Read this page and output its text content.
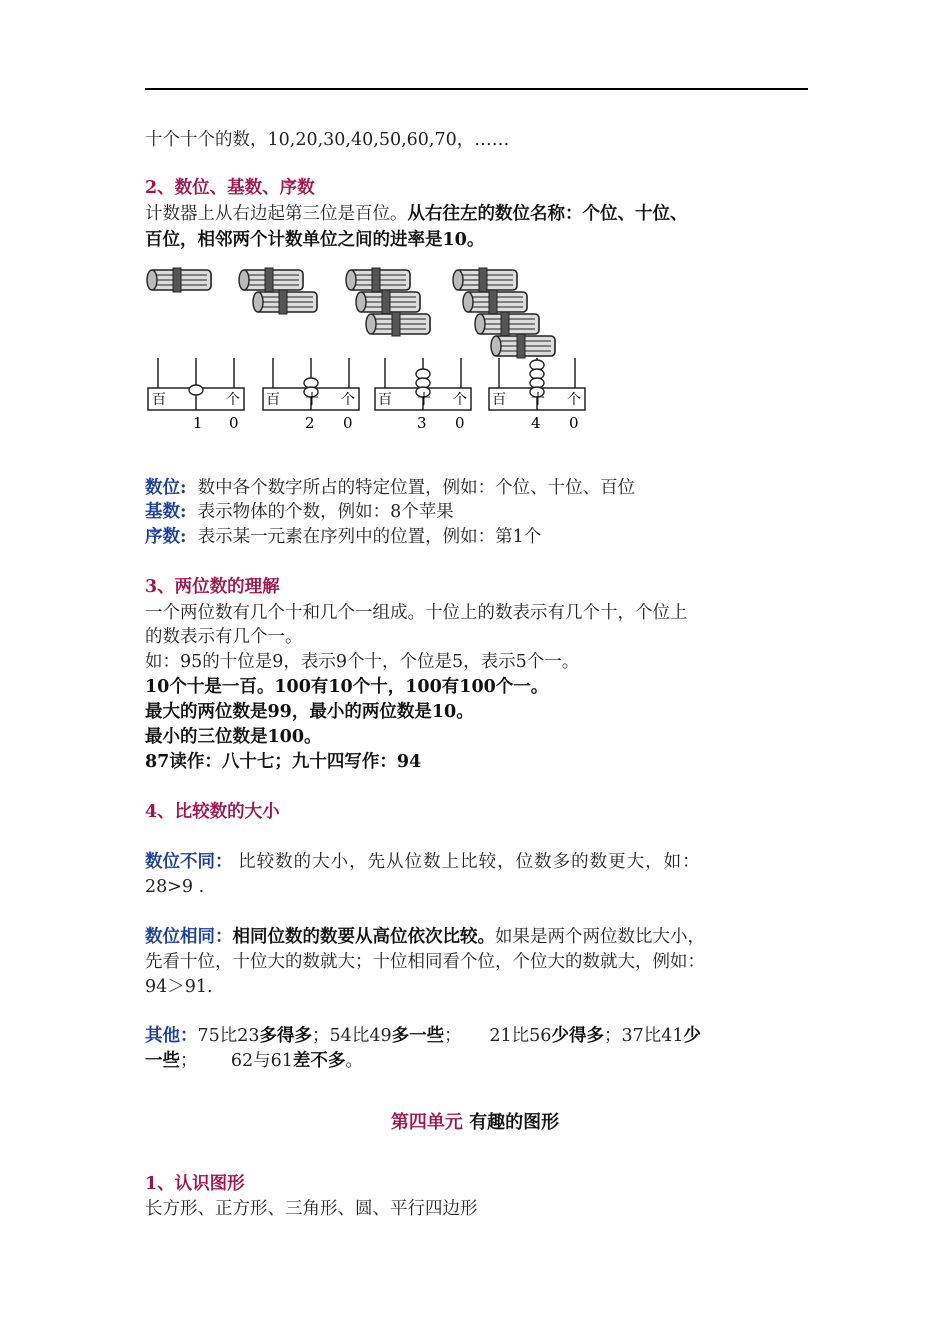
十个十个的数，10,20,30,40,50,60,70，……
2、数位、基数、序数
计数器上从右边起第三位是百位。从右往左的数位名称：个位、十位、
百位，相邻两个计数单位之间的进率是10。
百	个
1 0
百 十 个
2 0
百 十 个
3 0
百 十 个
4 0
数位: 数中各个数字所占的特定位置，例如：个位、十位、百位
基数: 表示物体的个数，例如：8个苹果
序数: 表示某一元素在序列中的位置，例如：第1个
3、两位数的理解
一个两位数有几个十和几个一组成。十位上的数表示有几个十，个位上
的数表示有几个一。
如：95的十位是9，表示9个十，个位是5，表示5个一。
10个十是一百。100有10个十，100有100个一。
最大的两位数是99，最小的两位数是10。
最小的三位数是100。
87读作：八十七；九十四写作：94
4、比较数的大小
数位不同： 比较数的大小，先从位数上比较，位数多的数更大，如：
28>9 .
数位相同：相同位数的数要从高位依次比较。如果是两个两位数比大小，
先看十位，十位大的数就大；十位相同看个位，个位大的数就大，例如：
94＞91.
其他：75比23多得多；54比49多一些；     21比56少得多；37比41少
一些；      62与61差不多。
第四单元 有趣的图形
1、认识图形
长方形、正方形、三角形、圆、平行四边形
